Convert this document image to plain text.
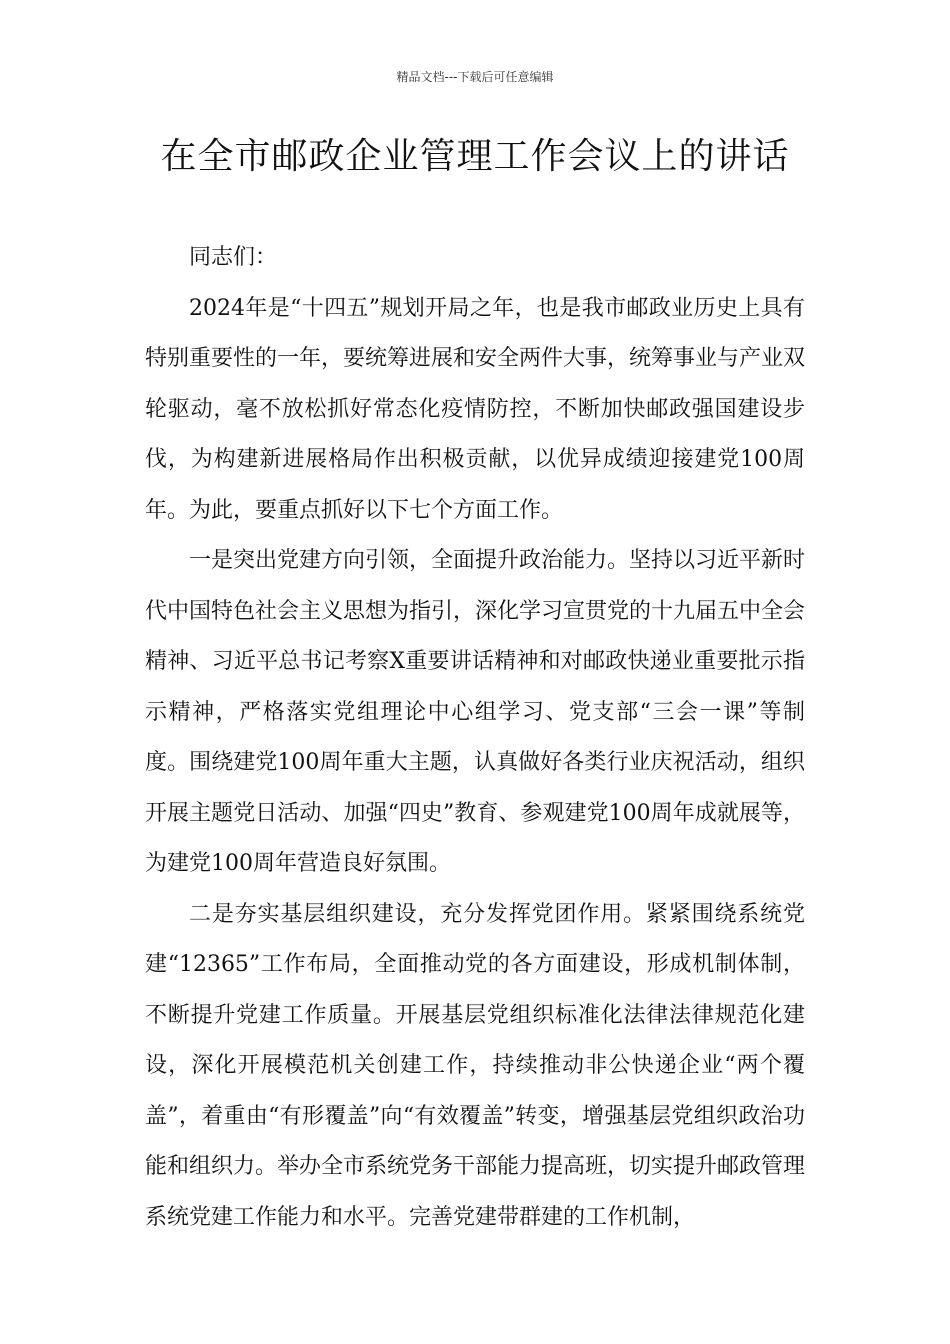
精品文档---下载后可任意编辑
在全市邮政企业管理工作会议上的讲话

同志们：

2024年是“十四五”规划开局之年，也是我市邮政业历史上具有特别重要性的一年，要统筹进展和安全两件大事，统筹事业与产业双轮驱动，毫不放松抓好常态化疫情防控，不断加快邮政强国建设步伐，为构建新进展格局作出积极贡献，以优异成绩迎接建党100周年。为此，要重点抓好以下七个方面工作。

一是突出党建方向引领，全面提升政治能力。坚持以习近平新时代中国特色社会主义思想为指引，深化学习宣贯党的十九届五中全会精神、习近平总书记考察X重要讲话精神和对邮政快递业重要批示指示精神，严格落实党组理论中心组学习、党支部“三会一课”等制度。围绕建党100周年重大主题，认真做好各类行业庆祝活动，组织开展主题党日活动、加强“四史”教育、参观建党100周年成就展等，为建党100周年营造良好氛围。

二是夯实基层组织建设，充分发挥党团作用。紧紧围绕系统党建“12365”工作布局，全面推动党的各方面建设，形成机制体制，不断提升党建工作质量。开展基层党组织标准化法律法律规范化建设，深化开展模范机关创建工作，持续推动非公快递企业“两个覆盖”，着重由“有形覆盖”向“有效覆盖”转变，增强基层党组织政治功能和组织力。举办全市系统党务干部能力提高班，切实提升邮政管理系统党建工作能力和水平。完善党建带群建的工作机制，
